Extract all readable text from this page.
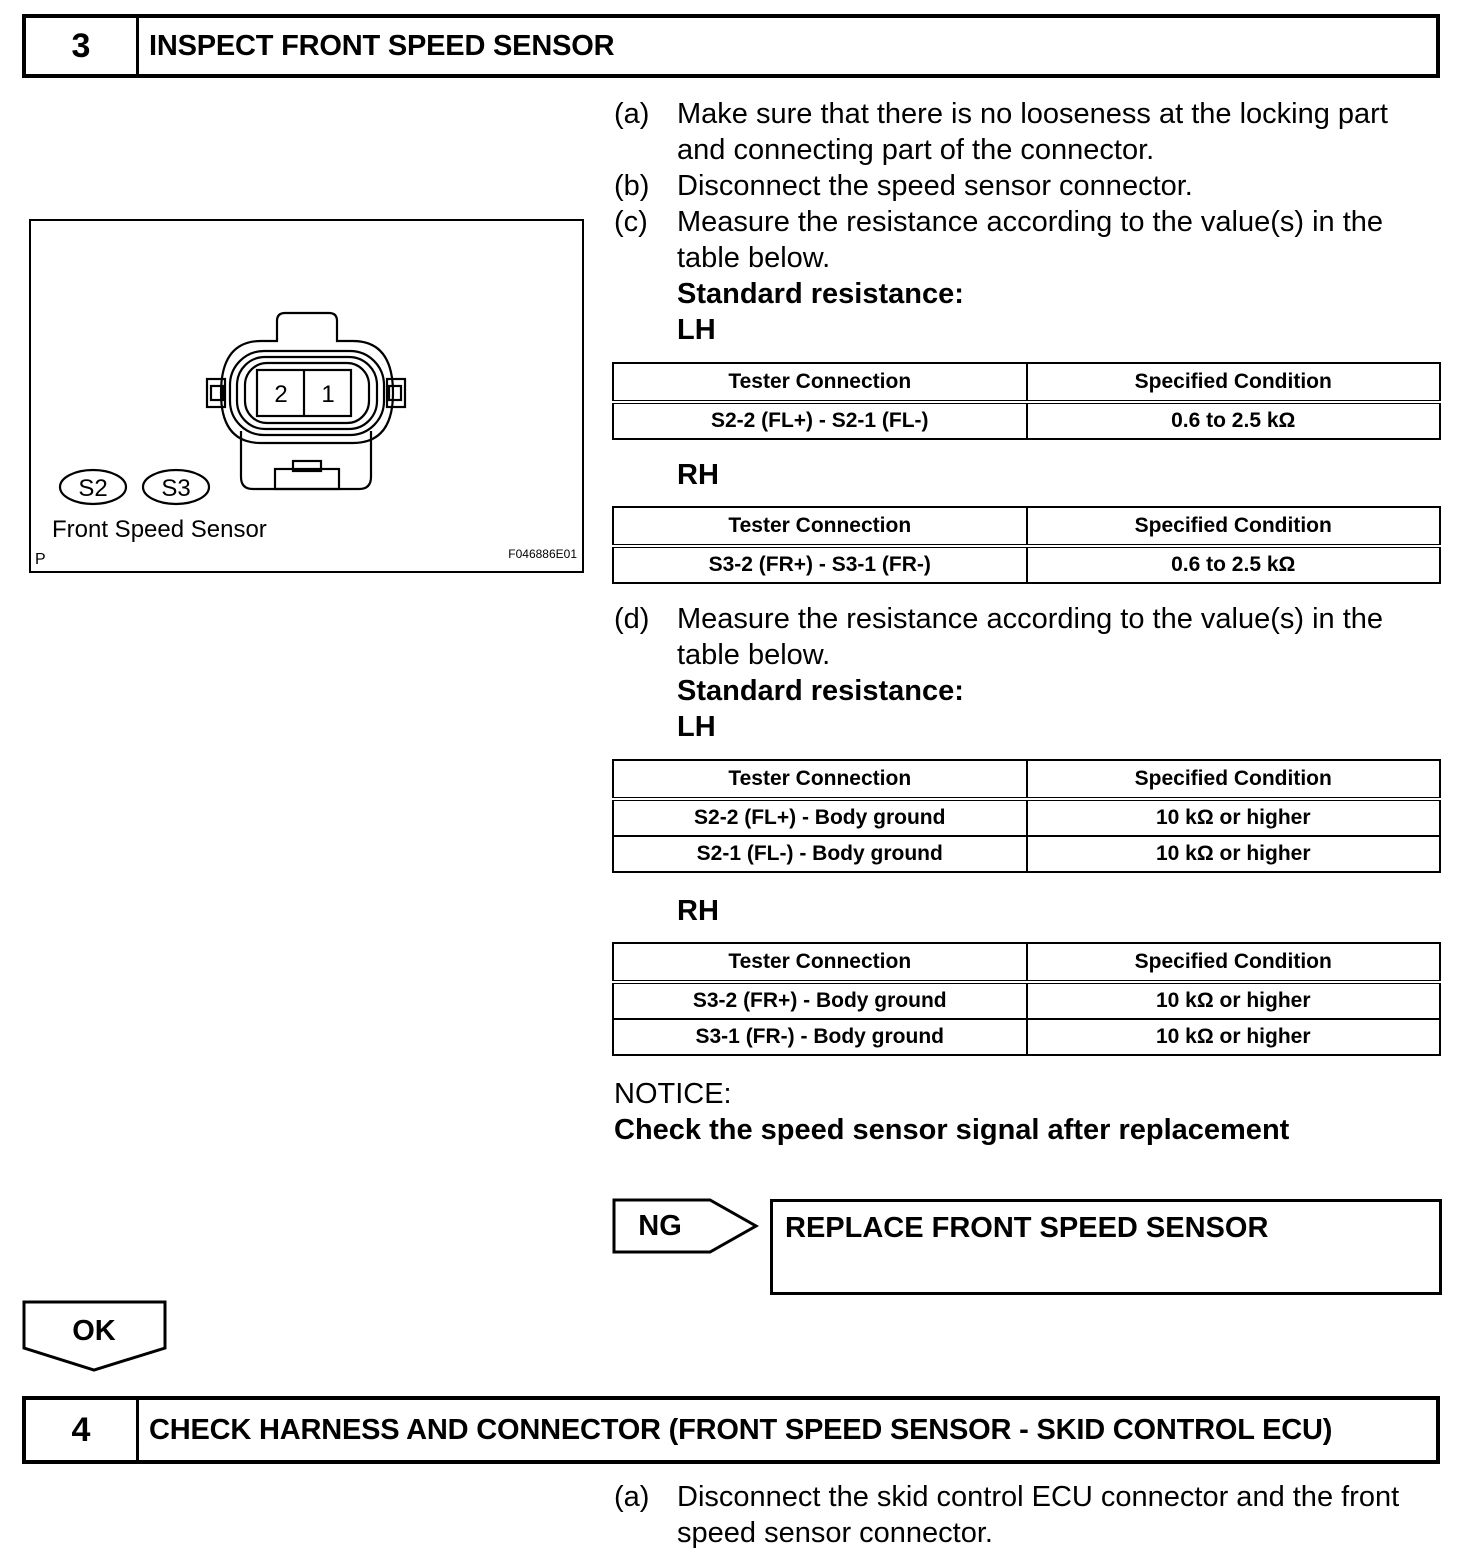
3	INSPECT FRONT SPEED SENSOR
(a) Make sure that there is no looseness at the locking part
and connecting part of the connector.
(b) Disconnect the speed sensor connector.
(c) Measure the resistance according to the value(s) in the
table below.
Standard resistance:
LH
Tester Connection	Specified Condition
S2-2 (FL+) - S2-1 (FL-)	0.6 to 2.5 kΩ
RH
Tester Connection	Specified Condition
S3-2 (FR+) - S3-1 (FR-)	0.6 to 2.5 kΩ
(d) Measure the resistance according to the value(s) in the
table below.
Standard resistance:
LH
Tester Connection	Specified Condition
S2-2 (FL+) - Body ground	10 kΩ or higher
S2-1 (FL-) - Body ground	10 kΩ or higher
RH
Tester Connection	Specified Condition
S3-2 (FR+) - Body ground	10 kΩ or higher
S3-1 (FR-) - Body ground	10 kΩ or higher
NOTICE:
Check the speed sensor signal after replacement
2 1
S2 S3
Front Speed Sensor
P	F046886E01
NG	REPLACE FRONT SPEED SENSOR
OK
4	CHECK HARNESS AND CONNECTOR (FRONT SPEED SENSOR - SKID CONTROL ECU)
(a) Disconnect the skid control ECU connector and the front
speed sensor connector.
